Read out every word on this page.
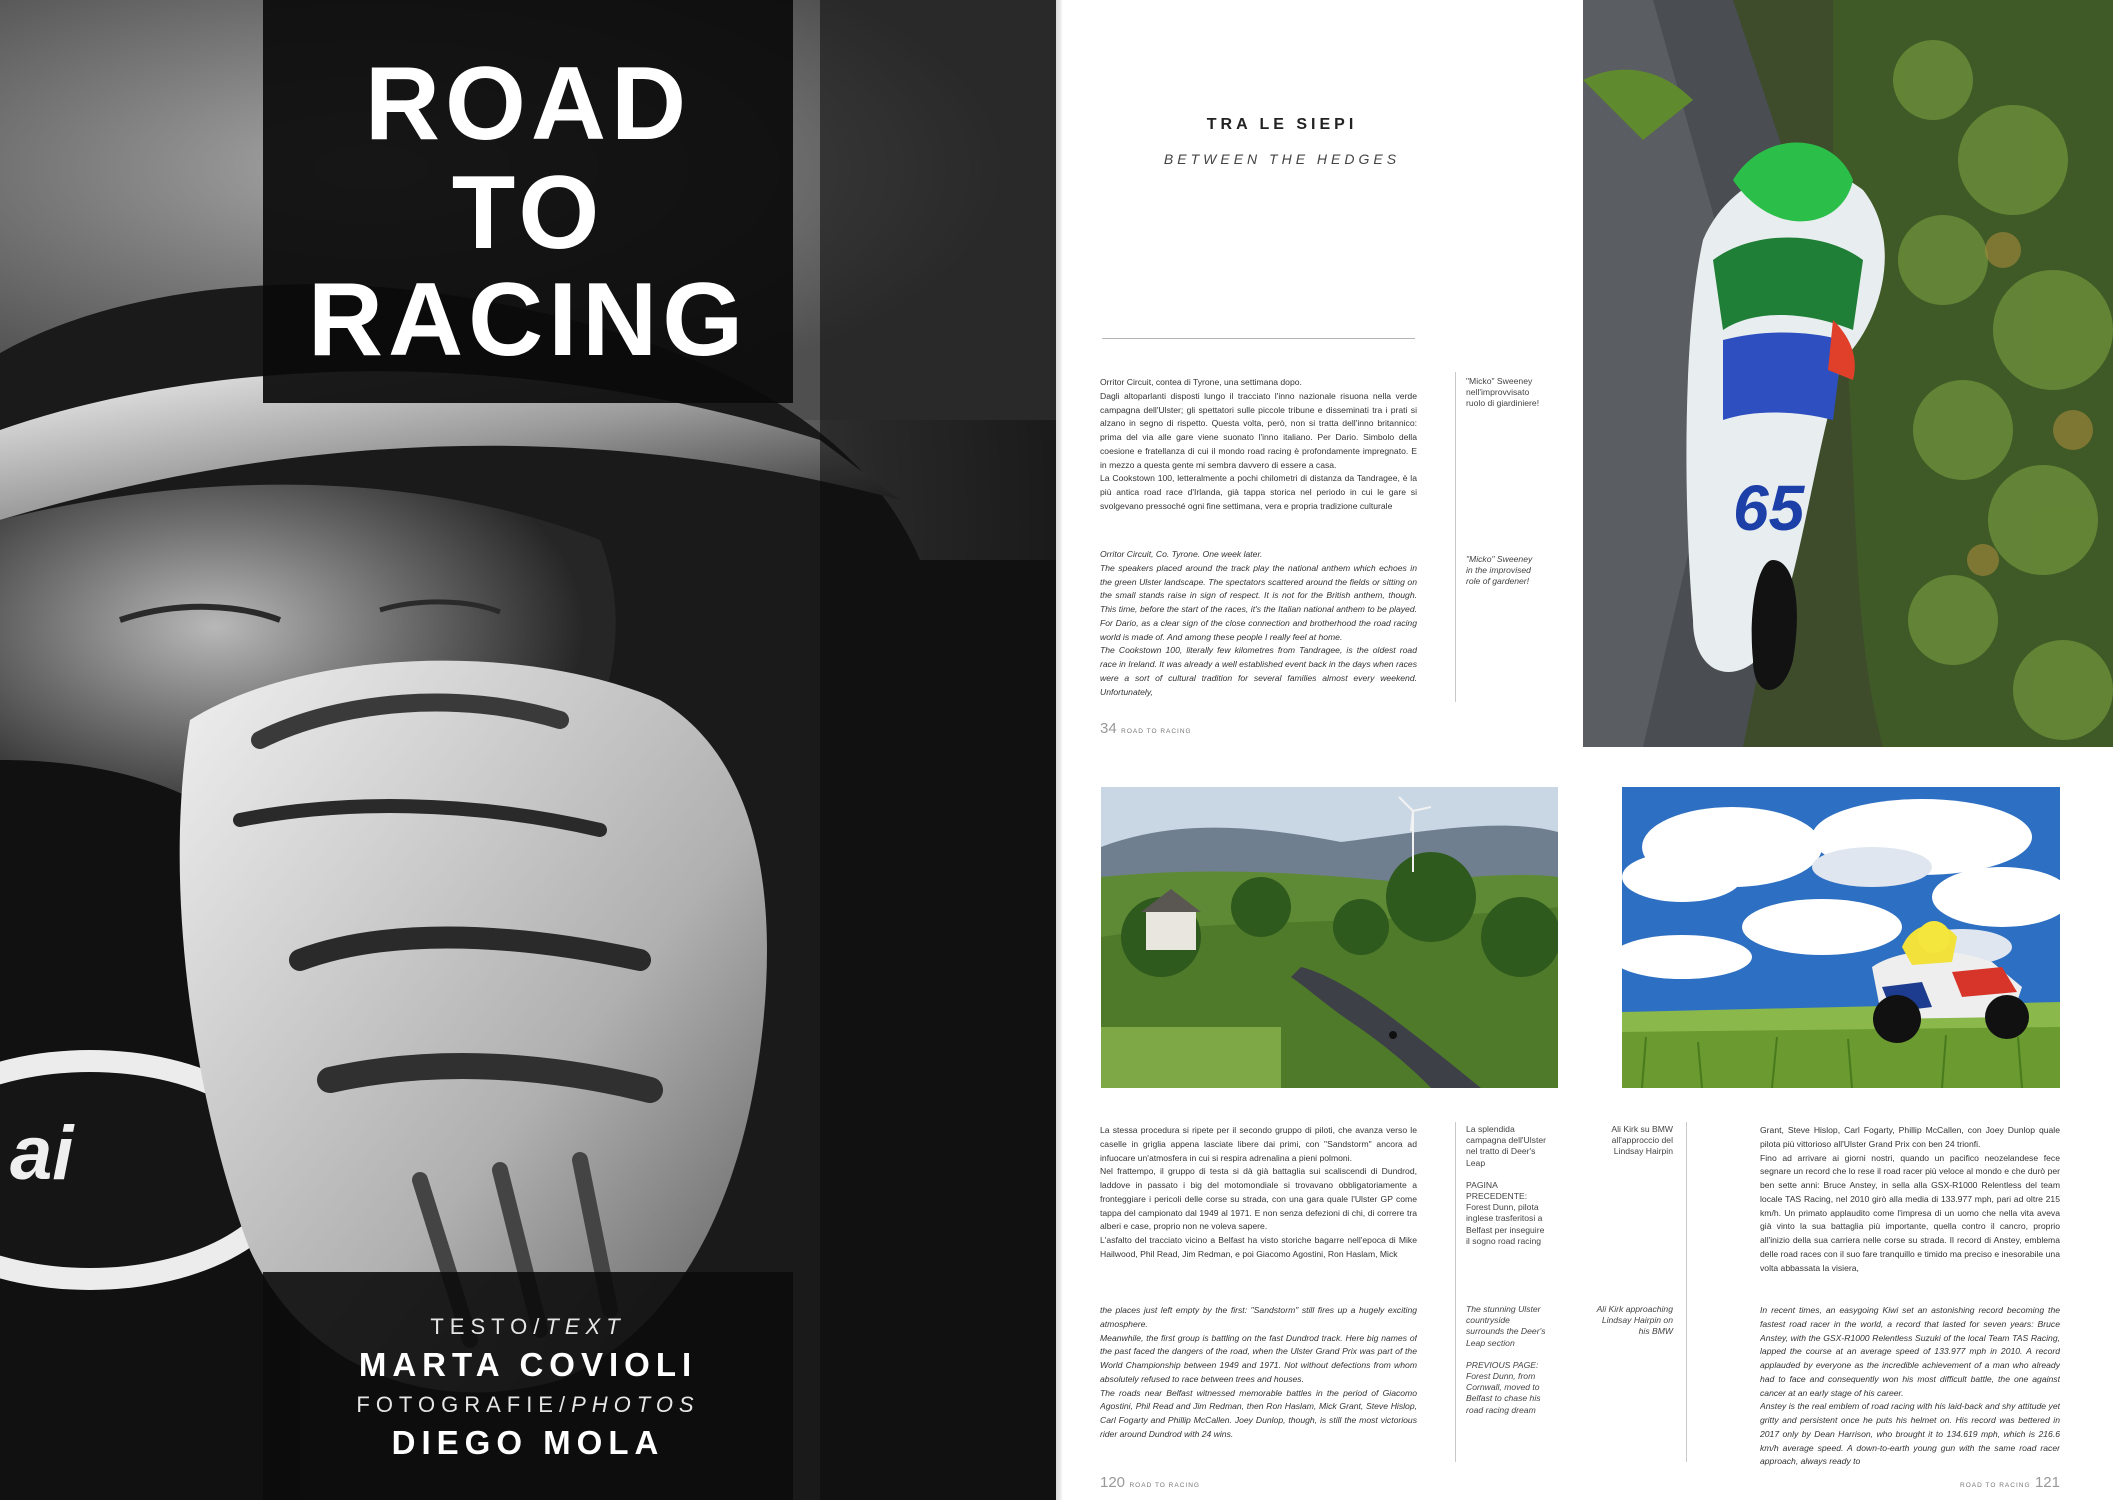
ai
ROAD
TO
RACING
TESTO/TEXT
MARTA COVIOLI
FOTOGRAFIE/PHOTOS
DIEGO MOLA
TRA LE SIEPI
BETWEEN THE HEDGES
Orritor Circuit, contea di Tyrone, una settimana dopo.
Dagli altoparlanti disposti lungo il tracciato l'inno nazionale risuona nella verde campagna dell'Ulster; gli spettatori sulle piccole tribune e disseminati tra i prati si alzano in segno di rispetto. Questa volta, però, non si tratta dell'inno britannico: prima del via alle gare viene suonato l'inno italiano. Per Dario. Simbolo della coesione e fratellanza di cui il mondo road racing è profondamente impregnato. E in mezzo a questa gente mi sembra davvero di essere a casa.
La Cookstown 100, letteralmente a pochi chilometri di distanza da Tandragee, è la più antica road race d'Irlanda, già tappa storica nel periodo in cui le gare si svolgevano pressoché ogni fine settimana, vera e propria tradizione culturale
Orritor Circuit, Co. Tyrone. One week later.
The speakers placed around the track play the national anthem which echoes in the green Ulster landscape. The spectators scattered around the fields or sitting on the small stands raise in sign of respect. It is not for the British anthem, though. This time, before the start of the races, it's the Italian national anthem to be played. For Dario, as a clear sign of the close connection and brotherhood the road racing world is made of. And among these people I really feel at home.
The Cookstown 100, literally few kilometres from Tandragee, is the oldest road race in Ireland. It was already a well established event back in the days when races were a sort of cultural tradition for several families almost every weekend. Unfortunately,
"Micko" Sweeney nell'improvvisato ruolo di giardiniere!
"Micko" Sweeney in the improvised role of gardener!
34 ROAD TO RACING
65
La stessa procedura si ripete per il secondo gruppo di piloti, che avanza verso le caselle in griglia appena lasciate libere dai primi, con "Sandstorm" ancora ad infuocare un'atmosfera in cui si respira adrenalina a pieni polmoni.
Nel frattempo, il gruppo di testa si dà già battaglia sui scaliscendi di Dundrod, laddove in passato i big del motomondiale si trovavano obbligatoriamente a fronteggiare i pericoli delle corse su strada, con una gara quale l'Ulster GP come tappa del campionato dal 1949 al 1971. E non senza defezioni di chi, di correre tra alberi e case, proprio non ne voleva sapere.
L'asfalto del tracciato vicino a Belfast ha visto storiche bagarre nell'epoca di Mike Hailwood, Phil Read, Jim Redman, e poi Giacomo Agostini, Ron Haslam, Mick
the places just left empty by the first: "Sandstorm" still fires up a hugely exciting atmosphere.
Meanwhile, the first group is battling on the fast Dundrod track. Here big names of the past faced the dangers of the road, when the Ulster Grand Prix was part of the World Championship between 1949 and 1971. Not without defections from whom absolutely refused to race between trees and houses.
The roads near Belfast witnessed memorable battles in the period of Giacomo Agostini, Phil Read and Jim Redman, then Ron Haslam, Mick Grant, Steve Hislop, Carl Fogarty and Phillip McCallen. Joey Dunlop, though, is still the most victorious rider around Dundrod with 24 wins.
La splendida campagna dell'Ulster nel tratto di Deer's Leap

PAGINA PRECEDENTE: Forest Dunn, pilota inglese trasferitosi a Belfast per inseguire il sogno road racing
The stunning Ulster countryside surrounds the Deer's Leap section

PREVIOUS PAGE: Forest Dunn, from Cornwall, moved to Belfast to chase his road racing dream
120 ROAD TO RACING
Ali Kirk su BMW all'approccio del Lindsay Hairpin
Ali Kirk approaching Lindsay Hairpin on his BMW
Grant, Steve Hislop, Carl Fogarty, Phillip McCallen, con Joey Dunlop quale pilota più vittorioso all'Ulster Grand Prix con ben 24 trionfi.
Fino ad arrivare ai giorni nostri, quando un pacifico neozelandese fece segnare un record che lo rese il road racer più veloce al mondo e che durò per ben sette anni: Bruce Anstey, in sella alla GSX-R1000 Relentless del team locale TAS Racing, nel 2010 girò alla media di 133.977 mph, pari ad oltre 215 km/h. Un primato applaudito come l'impresa di un uomo che nella vita aveva già vinto la sua battaglia più importante, quella contro il cancro, proprio all'inizio della sua carriera nelle corse su strada. Il record di Anstey, emblema delle road races con il suo fare tranquillo e timido ma preciso e inesorabile una volta abbassata la visiera,
In recent times, an easygoing Kiwi set an astonishing record becoming the fastest road racer in the world, a record that lasted for seven years: Bruce Anstey, with the GSX-R1000 Relentless Suzuki of the local Team TAS Racing, lapped the course at an average speed of 133.977 mph in 2010. A record applauded by everyone as the incredible achievement of a man who already had to face and consequently won his most difficult battle, the one against cancer at an early stage of his career.
Anstey is the real emblem of road racing with his laid-back and shy attitude yet gritty and persistent once he puts his helmet on. His record was bettered in 2017 only by Dean Harrison, who brought it to 134.619 mph, which is 216.6 km/h average speed. A down-to-earth young gun with the same road racer approach, always ready to
ROAD TO RACING 121
